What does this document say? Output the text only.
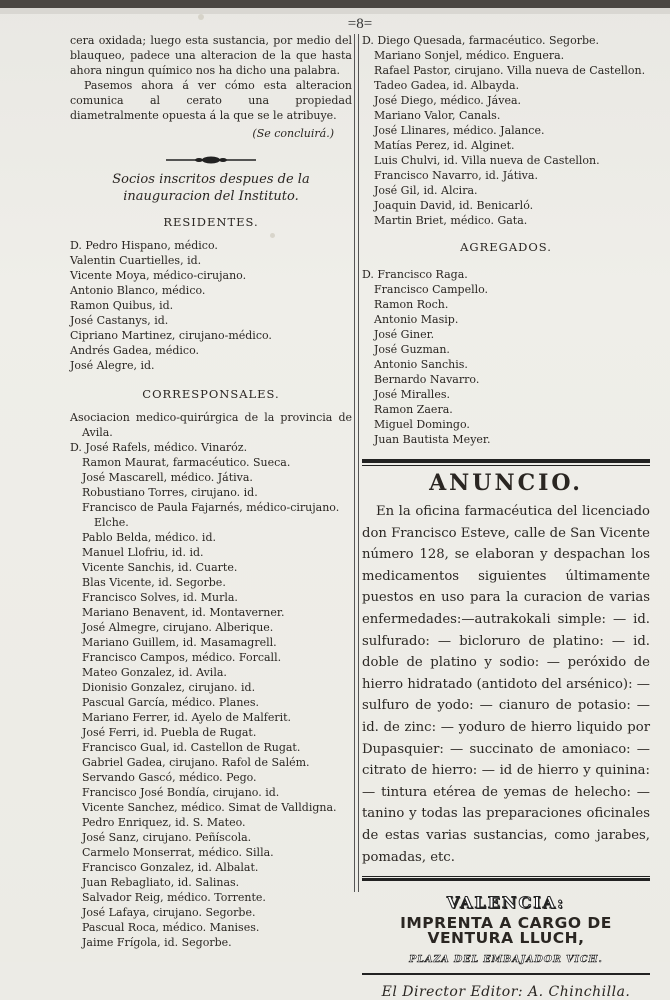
=8=

cera oxidada; luego esta sustancia, por medio del blauqueo, padece una alteracion de la que hasta ahora ningun químico nos ha dicho una palabra.

Pasemos ahora á ver cómo esta alteracion comunica al cerato una propiedad diametralmente opuesta á la que se le atribuye.

(Se concluirá.)

Socios inscritos despues de la inauguracion del Instituto.

RESIDENTES.

D. Pedro Hispano, médico.
Valentin Cuartielles, id.
Vicente Moya, médico-cirujano.
Antonio Blanco, médico.
Ramon Quibus, id.
José Castanys, id.
Cipriano Martinez, cirujano-médico.
Andrés Gadea, médico.
José Alegre, id.

CORRESPONSALES.

Asociacion medico-quirúrgica de la provincia de Avila.
D. José Rafels, médico. Vinaróz.
Ramon Maurat, farmacéutico. Sueca.
José Mascarell, médico. Játiva.
Robustiano Torres, cirujano. id.
Francisco de Paula Fajarnés, médico-cirujano. Elche.
Pablo Belda, médico. id.
Manuel Llofriu, id. id.
Vicente Sanchis, id. Cuarte.
Blas Vicente, id. Segorbe.
Francisco Solves, id. Murla.
Mariano Benavent, id. Montaverner.
José Almegre, cirujano. Alberique.
Mariano Guillem, id. Masamagrell.
Francisco Campos, médico. Forcall.
Mateo Gonzalez, id. Avila.
Dionisio Gonzalez, cirujano. id.
Pascual García, médico. Planes.
Mariano Ferrer, id. Ayelo de Malferit.
José Ferri, id. Puebla de Rugat.
Francisco Gual, id. Castellon de Rugat.
Gabriel Gadea, cirujano. Rafol de Salém.
Servando Gascó, médico. Pego.
Francisco José Bondía, cirujano. id.
Vicente Sanchez, médico. Simat de Valldigna.
Pedro Enriquez, id. S. Mateo.
José Sanz, cirujano. Peñíscola.
Carmelo Monserrat, médico. Silla.
Francisco Gonzalez, id. Albalat.
Juan Rebagliato, id. Salinas.
Salvador Reig, médico. Torrente.
José Lafaya, cirujano. Segorbe.
Pascual Roca, médico. Manises.
Jaime Frígola, id. Segorbe.
D. Diego Quesada, farmacéutico. Segorbe.
Mariano Sonjel, médico. Enguera.
Rafael Pastor, cirujano. Villa nueva de Castellon.
Tadeo Gadea, id. Albayda.
José Diego, médico. Jávea.
Mariano Valor, Canals.
José Llinares, médico. Jalance.
Matías Perez, id. Alginet.
Luis Chulvi, id. Villa nueva de Castellon.
Francisco Navarro, id. Játiva.
José Gil, id. Alcira.
Joaquin David, id. Benicarló.
Martin Briet, médico. Gata.

AGREGADOS.

D. Francisco Raga.
Francisco Campello.
Ramon Roch.
Antonio Masip.
José Giner.
José Guzman.
Antonio Sanchis.
Bernardo Navarro.
José Miralles.
Ramon Zaera.
Miguel Domingo.
Juan Bautista Meyer.

ANUNCIO.

En la oficina farmacéutica del licenciado don Francisco Esteve, calle de San Vicente número 128, se elaboran y despachan los medicamentos siguientes últimamente puestos en uso para la curacion de varias enfermedades:—autrakokali simple: — id. sulfurado: — bicloruro de platino: — id. doble de platino y sodio: — peróxido de hierro hidratado (antidoto del arsénico): — sulfuro de yodo: — cianuro de potasio: — id. de zinc: — yoduro de hierro liquido por Dupasquier: — succinato de amoniaco: — citrato de hierro: — id de hierro y quinina: — tintura etérea de yemas de helecho: — tanino y todas las preparaciones oficinales de estas varias sustancias, como jarabes, pomadas, etc.

VALENCIA:

IMPRENTA A CARGO DE VENTURA LLUCH,

PLAZA DEL EMBAJADOR VICH.

El Director Editor: A. Chinchilla.
